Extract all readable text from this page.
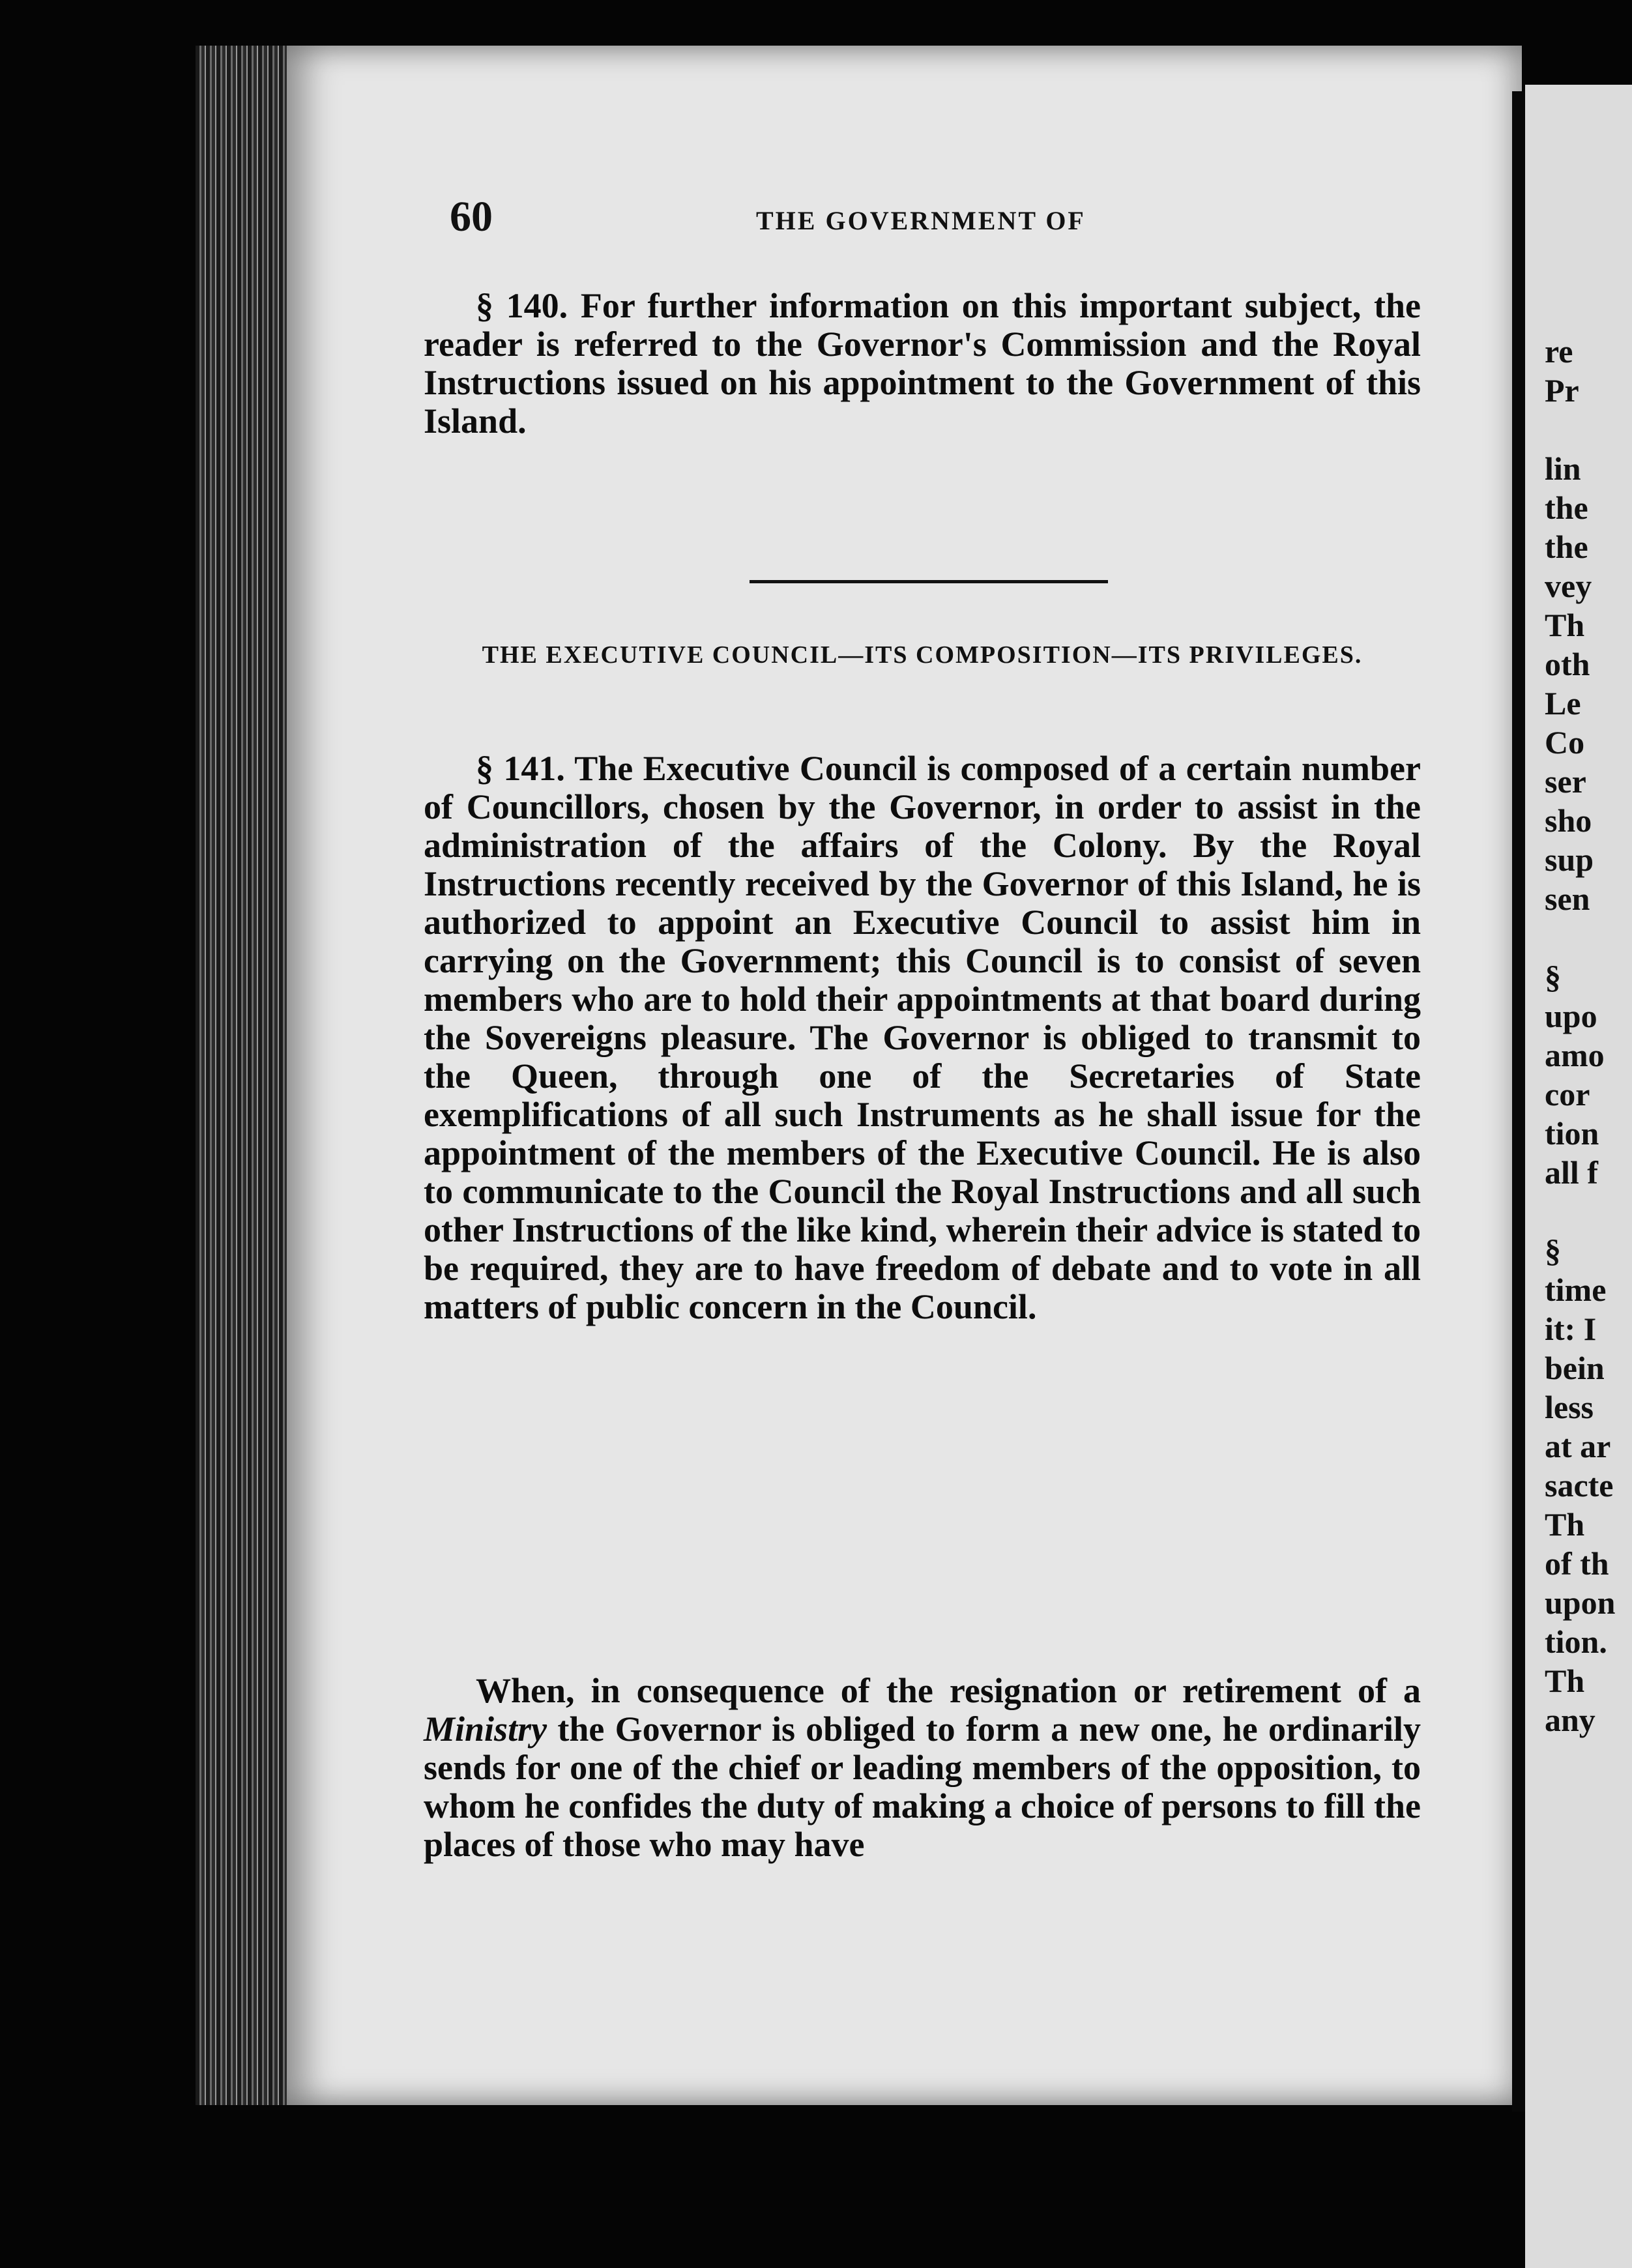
re
Pr
lin
the
the
vey
Th
oth
Le
Co
ser
sho
sup
sen
§
upo
amo
cor
tion
all f
§
time
it: I
bein
less
at ar
sacte
Th
of th
upon
tion.
Th
any
60	THE GOVERNMENT OF
§ 140. For further information on this important subject, the reader is referred to the Governor's Commission and the Royal Instructions issued on his appointment to the Government of this Island.
THE EXECUTIVE COUNCIL—ITS COMPOSITION—ITS PRIVILEGES.
§ 141. The Executive Council is composed of a certain number of Councillors, chosen by the Governor, in order to assist in the administration of the affairs of the Colony. By the Royal Instructions recently received by the Governor of this Island, he is authorized to appoint an Executive Council to assist him in carrying on the Government; this Council is to consist of seven members who are to hold their appointments at that board during the Sovereigns pleasure. The Governor is obliged to transmit to the Queen, through one of the Secretaries of State exemplifications of all such Instruments as he shall issue for the appointment of the members of the Executive Council. He is also to communicate to the Council the Royal Instructions and all such other Instructions of the like kind, wherein their advice is stated to be required, they are to have freedom of debate and to vote in all matters of public concern in the Council.
When, in consequence of the resignation or retirement of a Ministry the Governor is obliged to form a new one, he ordinarily sends for one of the chief or leading members of the opposition, to whom he confides the duty of making a choice of persons to fill the places of those who may have
